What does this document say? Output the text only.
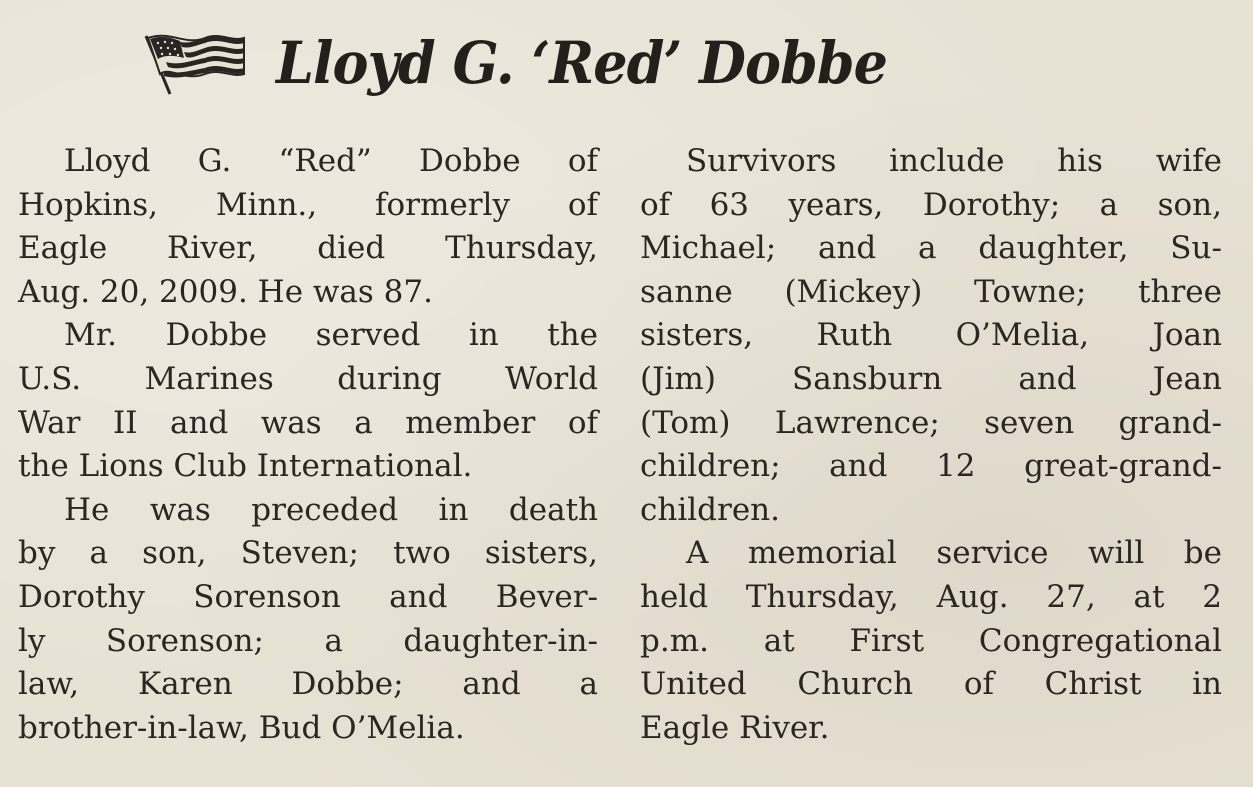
Lloyd G. ‘Red’ Dobbe
Lloyd G. “Red” Dobbe of
Hopkins, Minn., formerly of
Eagle River, died Thursday,
Aug. 20, 2009. He was 87.
Mr. Dobbe served in the
U.S. Marines during World
War II and was a member of
the Lions Club International.
He was preceded in death
by a son, Steven; two sisters,
Dorothy Sorenson and Bever-
ly Sorenson; a daughter-in-
law, Karen Dobbe; and a
brother-in-law, Bud O’Melia.
Survivors include his wife
of 63 years, Dorothy; a son,
Michael; and a daughter, Su-
sanne (Mickey) Towne; three
sisters, Ruth O’Melia, Joan
(Jim) Sansburn and Jean
(Tom) Lawrence; seven grand-
children; and 12 great-grand-
children.
A memorial service will be
held Thursday, Aug. 27, at 2
p.m. at First Congregational
United Church of Christ in
Eagle River.
